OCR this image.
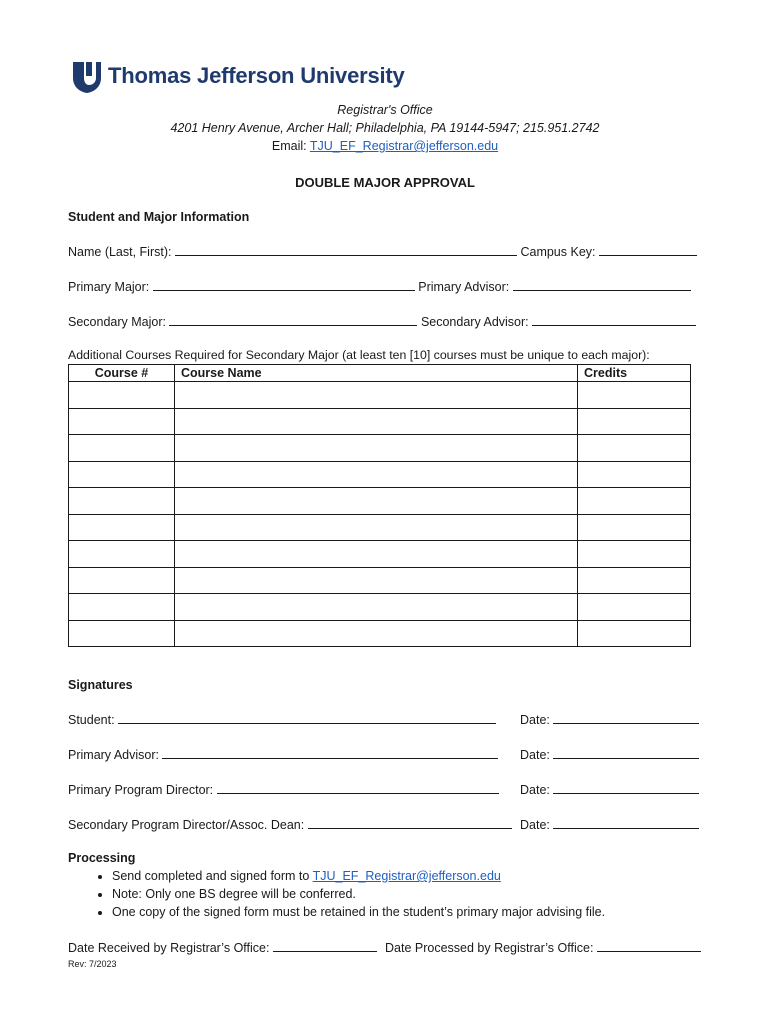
Thomas Jefferson University
Registrar's Office
4201 Henry Avenue, Archer Hall; Philadelphia, PA 19144-5947; 215.951.2742
Email: TJU_EF_Registrar@jefferson.edu
DOUBLE MAJOR APPROVAL
Student and Major Information
Name (Last, First):	Campus Key:
Primary Major:	Primary Advisor:
Secondary Major:	Secondary Advisor:
Additional Courses Required for Secondary Major (at least ten [10] courses must be unique to each major):
Course #	Course Name	Credits

Signatures
Student:	Date:
Primary Advisor:	Date:
Primary Program Director:	Date:
Secondary Program Director/Assoc. Dean:	Date:
Processing
• Send completed and signed form to TJU_EF_Registrar@jefferson.edu
• Note: Only one BS degree will be conferred.
• One copy of the signed form must be retained in the student’s primary major advising file.
Date Received by Registrar’s Office:	Date Processed by Registrar’s Office:
Rev: 7/2023
